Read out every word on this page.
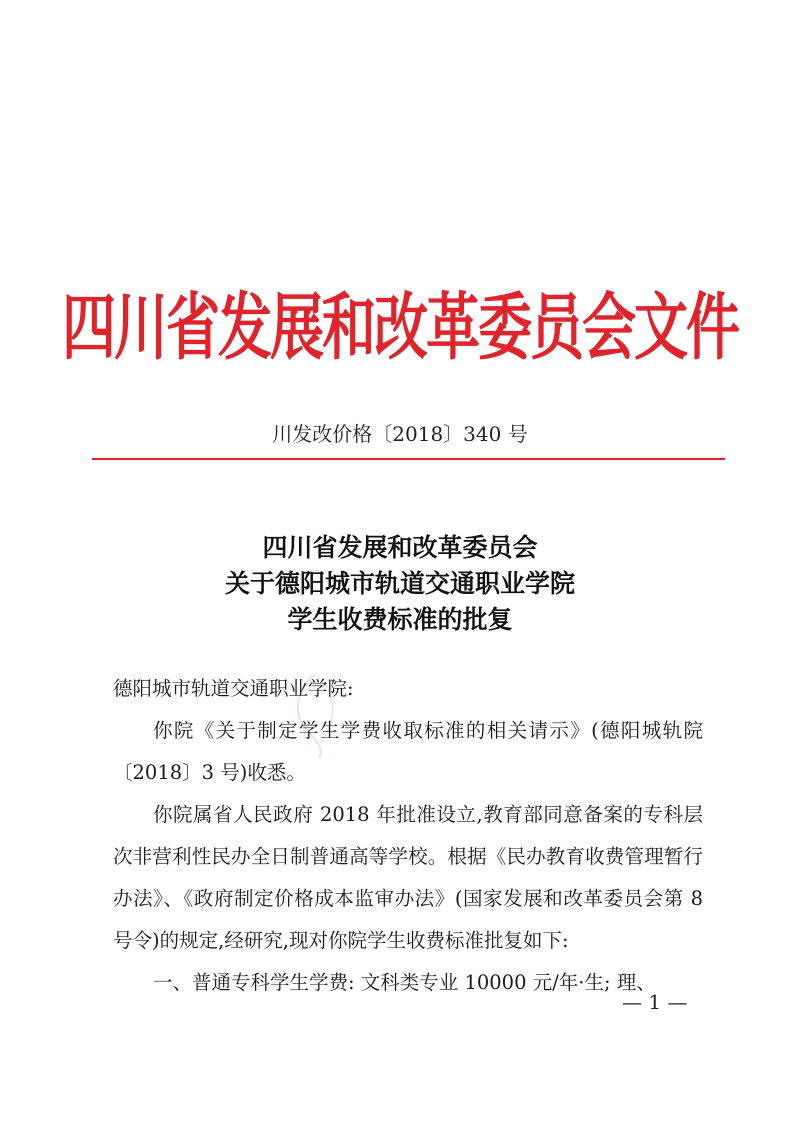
四川省发展和改革委员会文件
川发改价格〔2018〕340 号
四川省发展和改革委员会
关于德阳城市轨道交通职业学院
学生收费标准的批复

德阳城市轨道交通职业学院:

你院《关于制定学生学费收取标准的相关请示》(德阳城轨院〔2018〕3 号)收悉。

你院属省人民政府 2018 年批准设立,教育部同意备案的专科层次非营利性民办全日制普通高等学校。根据《民办教育收费管理暂行办法》、《政府制定价格成本监审办法》(国家发展和改革委员会第 8 号令)的规定,经研究,现对你院学生收费标准批复如下:

一、普通专科学生学费: 文科类专业 10000 元/年·生; 理、

— 1 —
